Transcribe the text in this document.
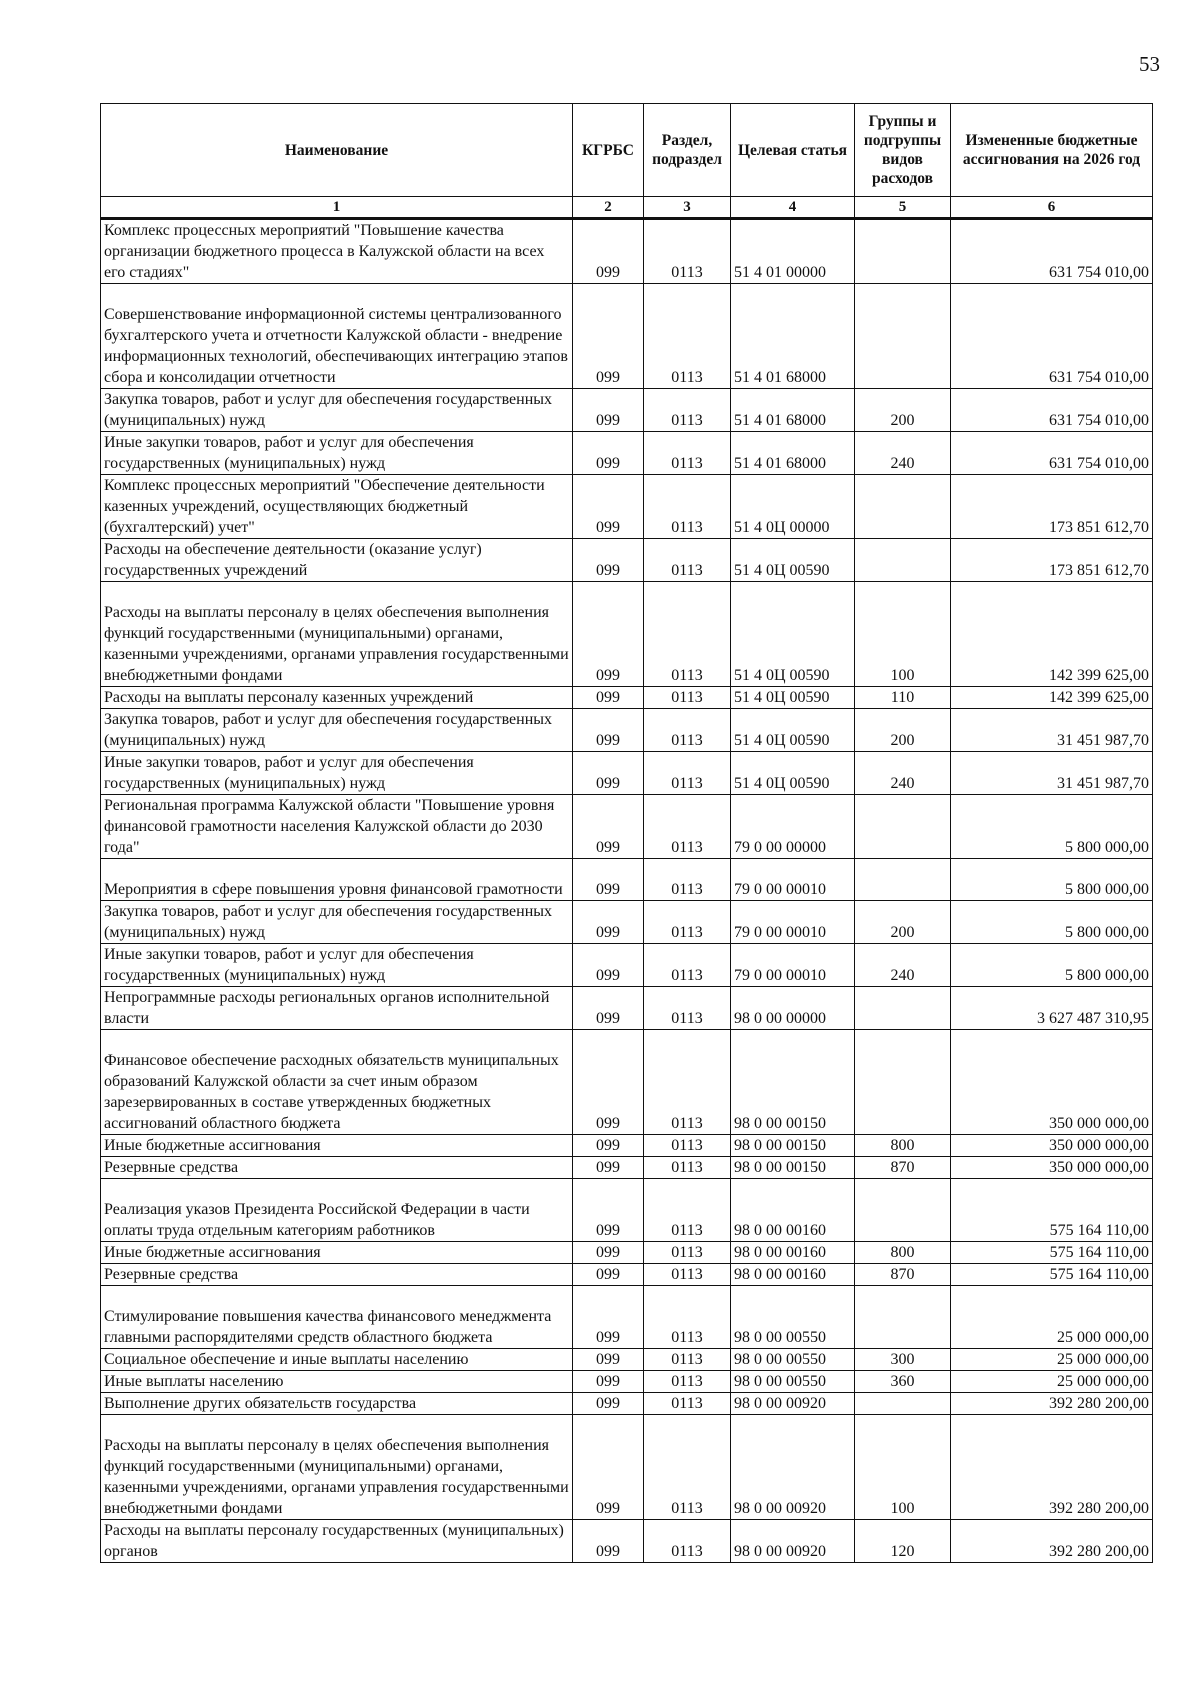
53
Наименование	КГРБС	Раздел, подраздел	Целевая статья	Группы и подгруппы видов расходов	Измененные бюджетные ассигнования на 2026 год
1	2	3	4	5	6
Комплекс процессных мероприятий "Повышение качества организации бюджетного процесса в Калужской области на всех его стадиях"	099	0113	51 4 01 00000		631 754 010,00
Совершенствование информационной системы централизованного бухгалтерского учета и отчетности Калужской области - внедрение информационных технологий, обеспечивающих интеграцию этапов сбора и консолидации отчетности	099	0113	51 4 01 68000		631 754 010,00
Закупка товаров, работ и услуг для обеспечения государственных (муниципальных) нужд	099	0113	51 4 01 68000	200	631 754 010,00
Иные закупки товаров, работ и услуг для обеспечения государственных (муниципальных) нужд	099	0113	51 4 01 68000	240	631 754 010,00
Комплекс процессных мероприятий "Обеспечение деятельности казенных учреждений, осуществляющих бюджетный (бухгалтерский) учет"	099	0113	51 4 0Ц 00000		173 851 612,70
Расходы на обеспечение деятельности (оказание услуг) государственных учреждений	099	0113	51 4 0Ц 00590		173 851 612,70
Расходы на выплаты персоналу в целях обеспечения выполнения функций государственными (муниципальными) органами, казенными учреждениями, органами управления государственными внебюджетными фондами	099	0113	51 4 0Ц 00590	100	142 399 625,00
Расходы на выплаты персоналу казенных учреждений	099	0113	51 4 0Ц 00590	110	142 399 625,00
Закупка товаров, работ и услуг для обеспечения государственных (муниципальных) нужд	099	0113	51 4 0Ц 00590	200	31 451 987,70
Иные закупки товаров, работ и услуг для обеспечения государственных (муниципальных) нужд	099	0113	51 4 0Ц 00590	240	31 451 987,70
Региональная программа Калужской области "Повышение уровня финансовой грамотности населения Калужской области до 2030 года"	099	0113	79 0 00 00000		5 800 000,00
Мероприятия в сфере повышения уровня финансовой грамотности	099	0113	79 0 00 00010		5 800 000,00
Закупка товаров, работ и услуг для обеспечения государственных (муниципальных) нужд	099	0113	79 0 00 00010	200	5 800 000,00
Иные закупки товаров, работ и услуг для обеспечения государственных (муниципальных) нужд	099	0113	79 0 00 00010	240	5 800 000,00
Непрограммные расходы региональных органов исполнительной власти	099	0113	98 0 00 00000		3 627 487 310,95
Финансовое обеспечение расходных обязательств муниципальных образований Калужской области за счет иным образом зарезервированных в составе утвержденных бюджетных ассигнований областного бюджета	099	0113	98 0 00 00150		350 000 000,00
Иные бюджетные ассигнования	099	0113	98 0 00 00150	800	350 000 000,00
Резервные средства	099	0113	98 0 00 00150	870	350 000 000,00
Реализация указов Президента Российской Федерации в части оплаты труда отдельным категориям работников	099	0113	98 0 00 00160		575 164 110,00
Иные бюджетные ассигнования	099	0113	98 0 00 00160	800	575 164 110,00
Резервные средства	099	0113	98 0 00 00160	870	575 164 110,00
Стимулирование повышения качества финансового менеджмента главными распорядителями средств областного бюджета	099	0113	98 0 00 00550		25 000 000,00
Социальное обеспечение и иные выплаты населению	099	0113	98 0 00 00550	300	25 000 000,00
Иные выплаты населению	099	0113	98 0 00 00550	360	25 000 000,00
Выполнение других обязательств государства	099	0113	98 0 00 00920		392 280 200,00
Расходы на выплаты персоналу в целях обеспечения выполнения функций государственными (муниципальными) органами, казенными учреждениями, органами управления государственными внебюджетными фондами	099	0113	98 0 00 00920	100	392 280 200,00
Расходы на выплаты персоналу государственных (муниципальных) органов	099	0113	98 0 00 00920	120	392 280 200,00
